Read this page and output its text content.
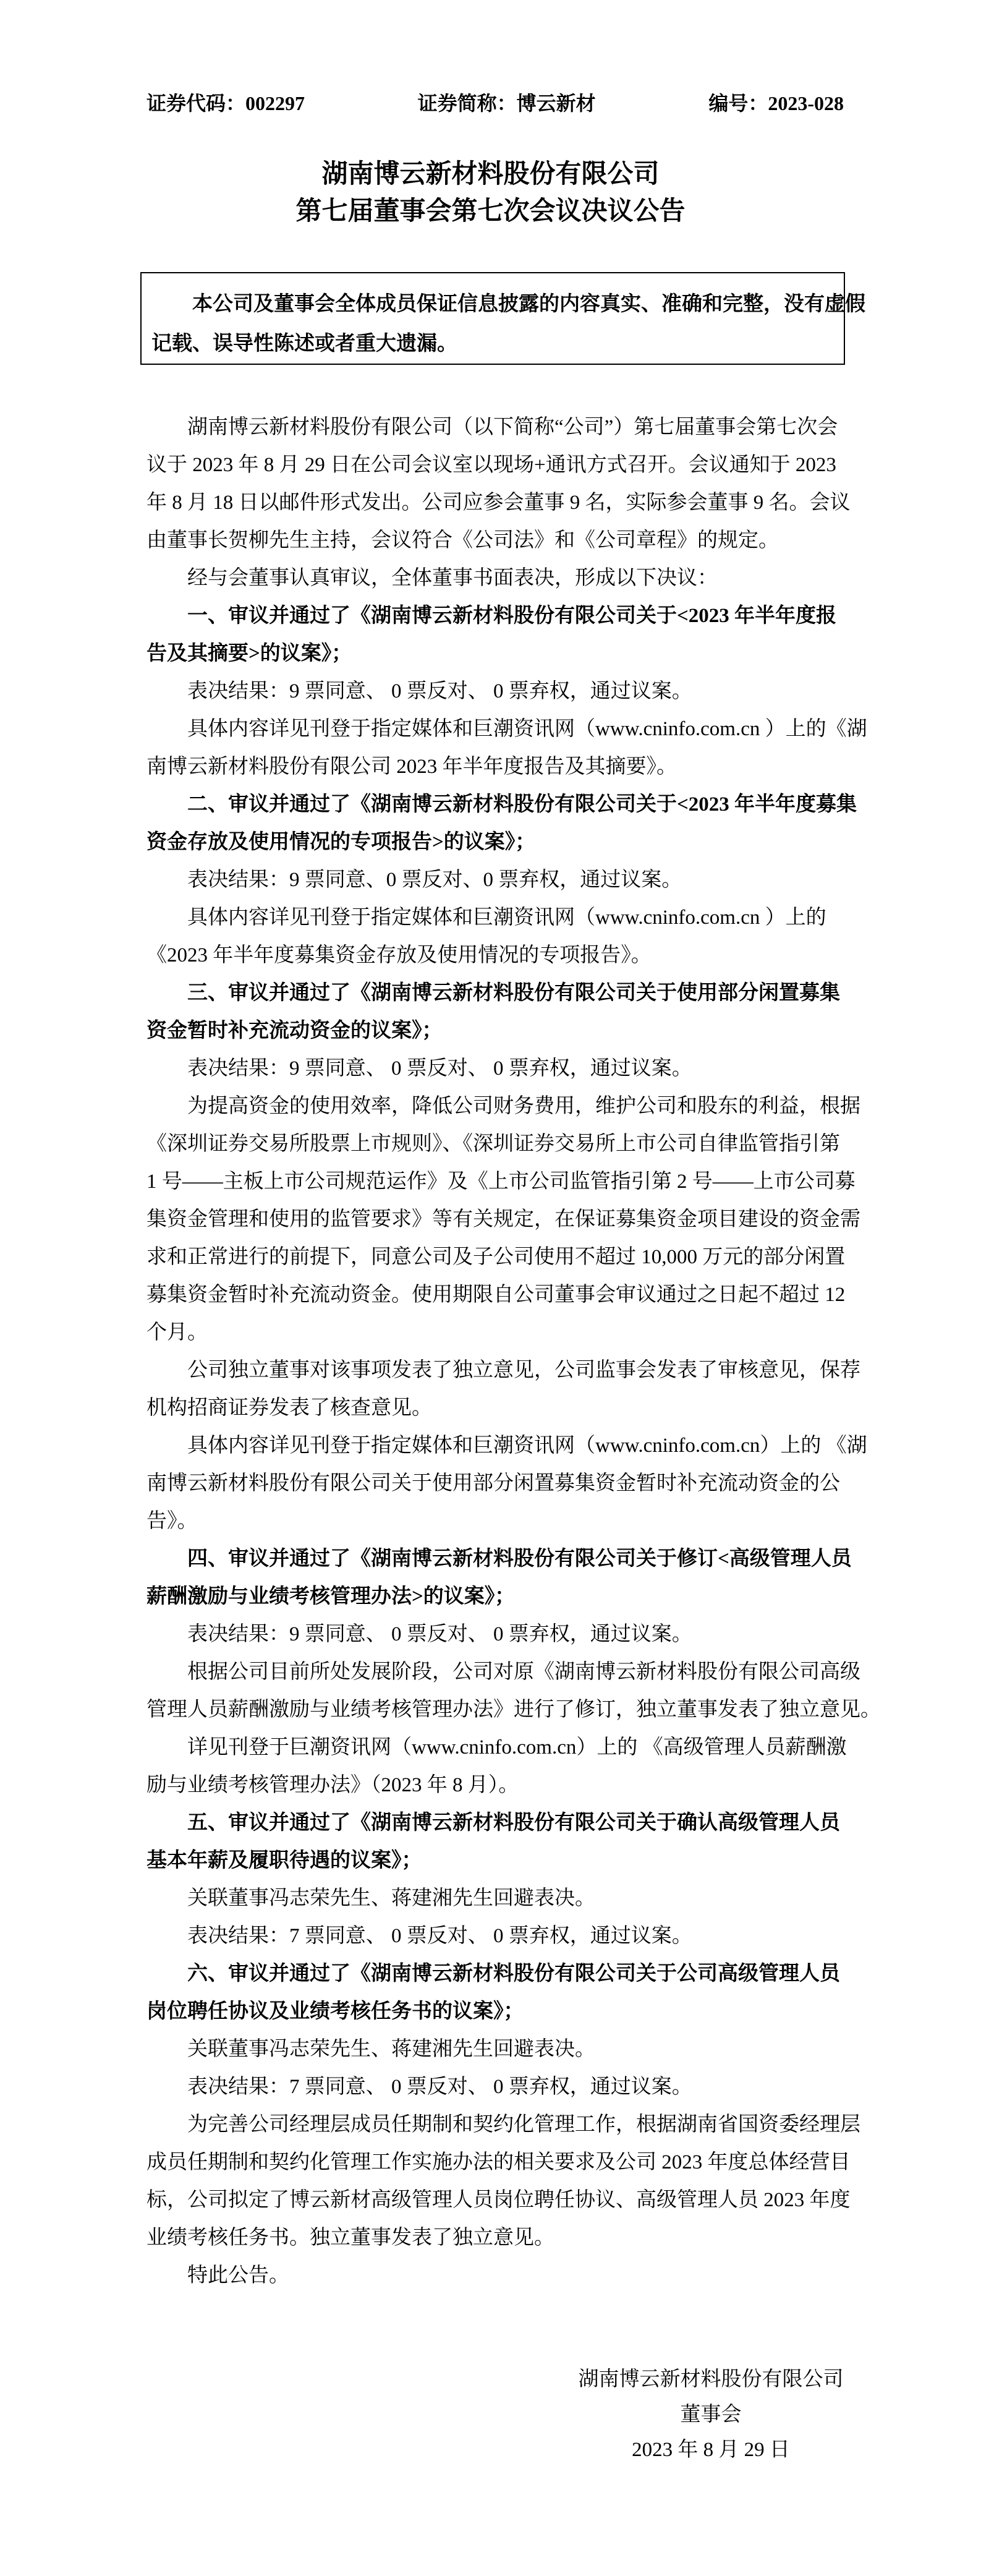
证券代码：002297	证券简称：博云新材	编号：2023-028
湖南博云新材料股份有限公司
第七届董事会第七次会议决议公告
本公司及董事会全体成员保证信息披露的内容真实、准确和完整，没有虚假
记载、误导性陈述或者重大遗漏。
湖南博云新材料股份有限公司（以下简称“公司”）第七届董事会第七次会
议于 2023 年 8 月 29 日在公司会议室以现场+通讯方式召开。会议通知于 2023
年 8 月 18 日以邮件形式发出。公司应参会董事 9 名，实际参会董事 9 名。会议
由董事长贺柳先生主持，会议符合《公司法》和《公司章程》的规定。
经与会董事认真审议，全体董事书面表决，形成以下决议：
一、审议并通过了《湖南博云新材料股份有限公司关于<2023 年半年度报
告及其摘要>的议案》；
表决结果：9 票同意、 0 票反对、 0 票弃权，通过议案。
具体内容详见刊登于指定媒体和巨潮资讯网（www.cninfo.com.cn ）上的《湖
南博云新材料股份有限公司 2023 年半年度报告及其摘要》。
二、审议并通过了《湖南博云新材料股份有限公司关于<2023 年半年度募集
资金存放及使用情况的专项报告>的议案》；
表决结果：9 票同意、0 票反对、0 票弃权，通过议案。
具体内容详见刊登于指定媒体和巨潮资讯网（www.cninfo.com.cn ）上的
《2023 年半年度募集资金存放及使用情况的专项报告》。
三、审议并通过了《湖南博云新材料股份有限公司关于使用部分闲置募集
资金暂时补充流动资金的议案》；
表决结果：9 票同意、 0 票反对、 0 票弃权，通过议案。
为提高资金的使用效率，降低公司财务费用，维护公司和股东的利益，根据
《深圳证券交易所股票上市规则》、《深圳证券交易所上市公司自律监管指引第
1 号——主板上市公司规范运作》及《上市公司监管指引第 2 号——上市公司募
集资金管理和使用的监管要求》等有关规定，在保证募集资金项目建设的资金需
求和正常进行的前提下，同意公司及子公司使用不超过 10,000 万元的部分闲置
募集资金暂时补充流动资金。使用期限自公司董事会审议通过之日起不超过 12
个月。
公司独立董事对该事项发表了独立意见，公司监事会发表了审核意见，保荐
机构招商证券发表了核查意见。
具体内容详见刊登于指定媒体和巨潮资讯网（www.cninfo.com.cn）上的 《湖
南博云新材料股份有限公司关于使用部分闲置募集资金暂时补充流动资金的公
告》。
四、审议并通过了《湖南博云新材料股份有限公司关于修订<高级管理人员
薪酬激励与业绩考核管理办法>的议案》；
表决结果：9 票同意、 0 票反对、 0 票弃权，通过议案。
根据公司目前所处发展阶段，公司对原《湖南博云新材料股份有限公司高级
管理人员薪酬激励与业绩考核管理办法》进行了修订，独立董事发表了独立意见。
详见刊登于巨潮资讯网（www.cninfo.com.cn）上的 《高级管理人员薪酬激
励与业绩考核管理办法》（2023 年 8 月）。
五、审议并通过了《湖南博云新材料股份有限公司关于确认高级管理人员
基本年薪及履职待遇的议案》；
关联董事冯志荣先生、蒋建湘先生回避表决。
表决结果：7 票同意、 0 票反对、 0 票弃权，通过议案。
六、审议并通过了《湖南博云新材料股份有限公司关于公司高级管理人员
岗位聘任协议及业绩考核任务书的议案》；
关联董事冯志荣先生、蒋建湘先生回避表决。
表决结果：7 票同意、 0 票反对、 0 票弃权，通过议案。
为完善公司经理层成员任期制和契约化管理工作，根据湖南省国资委经理层
成员任期制和契约化管理工作实施办法的相关要求及公司 2023 年度总体经营目
标，公司拟定了博云新材高级管理人员岗位聘任协议、高级管理人员 2023 年度
业绩考核任务书。独立董事发表了独立意见。
特此公告。
湖南博云新材料股份有限公司
董事会
2023 年 8 月 29 日
